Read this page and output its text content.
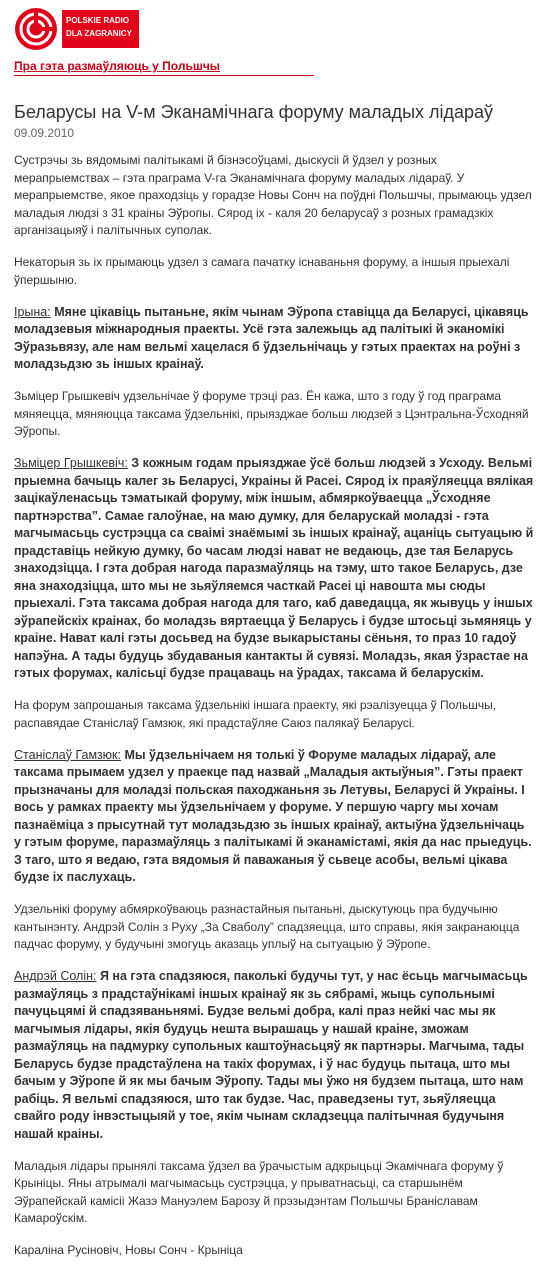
POLSKIE RADIO
DLA ZAGRANICY
Пра гэта размаўляюць у Польшчы
Беларусы на V-м Эканамічнага форуму маладых лідараў
09.09.2010

Сустрэчы зь вядомымі палітыкамі й бізнэсоўцамі, дыскусіі й ўдзел у розных мерапрыемствах – гэта праграма V-га Эканамічнага форуму маладых лідараў. У мерапрыемстве, якое праходзіць у горадзе Новы Сонч на поўдні Польшчы, прымаюць удзел маладыя людзі з 31 краіны Эўропы. Сярод іх - каля 20 беларусаў з розных грамадзкіх арганізацыяў і палітычных суполак.

Некаторыя зь іх прымаюць удзел з самага пачатку існаваньня форуму, а іншыя прыехалі ўпершыню.

Ірына: Мяне цікавіць пытаньне, якім чынам Эўропа ставіцца да Беларусі, цікавяць моладзевыя міжнародныя праекты. Усё гэта залежыць ад палітыкі й эканомікі Эўразьвязу, але нам вельмі хацелася б ўдзельнічаць у гэтых праектах на роўні з моладзьдзю зь іншых краінаў.

Зьміцер Грышкевіч удзельнічае ў форуме трэці раз. Ён кажа, што з году ў год праграма мяняецца, мяняюцца таксама ўдзельнікі, прыязджае больш людзей з Цэнтральна-Ўсходняй Эўропы.

Зьміцер Грышкевіч: З кожным годам прыязджае ўсё больш людзей з Усходу. Вельмі прыемна бачыць калег зь Беларусі, Украіны й Расеі. Сярод іх праяўляецца вялікая зацікаўленасьць тэматыкай форуму, між іншым, абмяркоўваецца „Ўсходняе партнэрства”. Самае галоўнае, на маю думку, для беларускай моладзі - гэта магчымасьць сустрэцца са сваімі знаёмымі зь іншых краінаў, ацаніць сытуацыю й прадставіць нейкую думку, бо часам людзі нават не ведаюць, дзе тая Беларусь знаходзіцца. І гэта добрая нагода паразмаўляць на тэму, што такое Беларусь, дзе яна знаходзіцца, што мы не зьяўляемся часткай Расеі ці навошта мы сюды прыехалі. Гэта таксама добрая нагода для таго, каб даведацца, як жывуць у іншых эўрапейскіх краінах, бо моладзь вяртаецца ў Беларусь і будзе штосьці зьмяняць у краіне. Нават калі гэты досьвед на будзе выкарыстаны сёньня, то праз 10 гадоў напэўна. А тады будуць збудаваныя кантакты й сувязі. Моладзь, якая ўзрастае на гэтых форумах, калісьці будзе працаваць на ўрадах, таксама й беларускім.

На форум запрошаныя таксама ўдзельнікі іншага праекту, які рэалізуецца ў Польшчы, распавядае Станіслаў Гамзюк, які прадстаўляе Саюз палякаў Беларусі.

Станіслаў Гамзюк: Мы ўдзельнічаем ня толькі ў Форуме маладых лідараў, але таксама прымаем удзел у праекце пад назвай „Маладыя актыўныя”. Гэты праект прызначаны для моладзі польская паходжаньня зь Летувы, Беларусі й Украіны. І вось у рамках праекту мы ўдзельнічаем у форуме. У першую чаргу мы хочам пазнаёміца з прысутнай тут моладзьдзю зь іншых краінаў, актыўна ўдзельнічаць у гэтым форуме, паразмаўляць з палітыкамі й эканамістамі, якія да нас прыедуць. З таго, што я ведаю, гэта вядомыя й паважаныя ў сьвеце асобы, вельмі цікава будзе іх паслухаць.

Удзельнікі форуму абмяркоўваюць разнастайныя пытаньні, дыскутуюць пра будучыню кантынэнту. Андрэй Солін з Руху „За Сваболу” спадзяецца, што справы, якія закранаюцца падчас форуму, у будучыні змогуць аказаць уплыў на сытуацыю ў Эўропе.

Андрэй Солін: Я на гэта спадзяюся, паколькі будучы тут, у нас ёсьць магчымасьць размаўляць з прадстаўнікамі іншых краінаў як зь сябрамі, жыць супольнымі пачуцьцямі й спадзяваньнямі. Будзе вельмі добра, калі праз нейкі час мы як магчымыя лідары, якія будуць нешта вырашаць у нашай краіне, зможам размаўляць на падмурку супольных каштоўнасьцяў як партнэры. Магчыма, тады Беларусь будзе прадстаўлена на такіх форумах, і ў нас будуць пытаца, што мы бачым у Эўропе й як мы бачым Эўропу. Тады мы ўжо ня будзем пытаца, што нам рабіць. Я вельмі спадзяюся, што так будзе. Час, праведзены тут, зьяўляецца свайго роду інвэстыцыяй у тое, якім чынам складзецца палітычная будучыня нашай краіны.

Маладыя лідары прынялі таксама ўдзел ва ўрачыстым адкрыцьці Экамічнага форуму ў Крыніцы. Яны атрымалі магчымасьць сустрэцца, у прыватнасьці, са старшынём Эўрапейскай камісіі Жазэ Мануэлем Барозу й прэзыдэнтам Польшчы Браніславам Камароўскім.

Караліна Русіновіч, Новы Сонч - Крыніца
